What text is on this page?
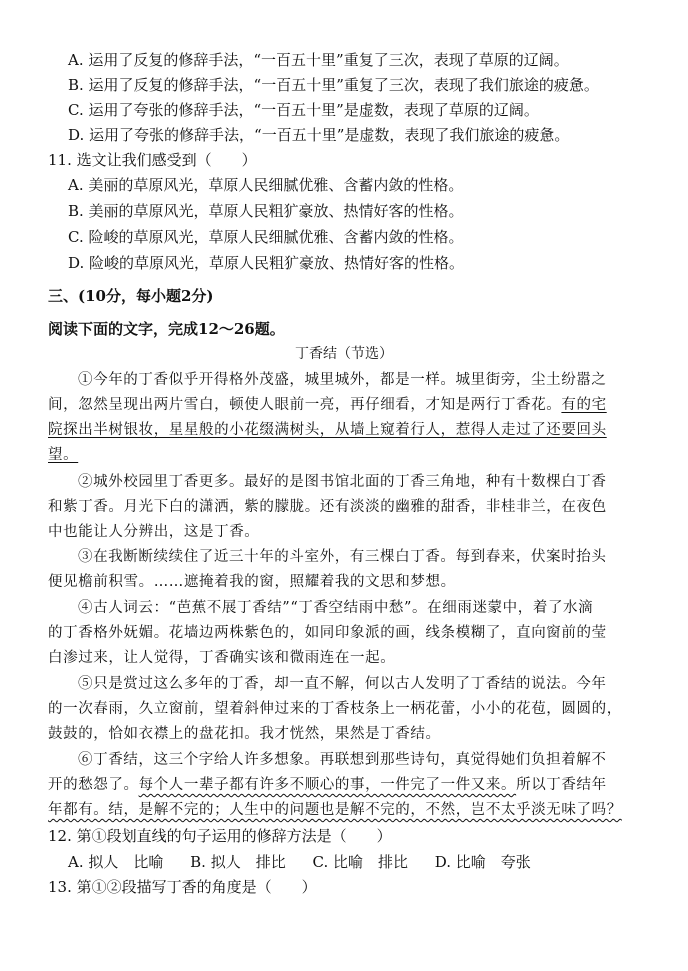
A. 运用了反复的修辞手法，“一百五十里”重复了三次，表现了草原的辽阔。
B. 运用了反复的修辞手法，“一百五十里”重复了三次，表现了我们旅途的疲惫。
C. 运用了夸张的修辞手法，“一百五十里”是虚数，表现了草原的辽阔。
D. 运用了夸张的修辞手法，“一百五十里”是虚数，表现了我们旅途的疲惫。
11. 选文让我们感受到（　　）
A. 美丽的草原风光，草原人民细腻优雅、含蓄内敛的性格。
B. 美丽的草原风光，草原人民粗犷豪放、热情好客的性格。
C. 险峻的草原风光，草原人民细腻优雅、含蓄内敛的性格。
D. 险峻的草原风光，草原人民粗犷豪放、热情好客的性格。
三、(10分，每小题2分)
阅读下面的文字，完成12～26题。
丁香结（节选）
①今年的丁香似乎开得格外茂盛，城里城外，都是一样。城里街旁，尘土纷嚣之
间，忽然呈现出两片雪白，顿使人眼前一亮，再仔细看，才知是两行丁香花。有的宅
院探出半树银妆，星星般的小花缀满树头，从墙上窥着行人，惹得人走过了还要回头
望。
②城外校园里丁香更多。最好的是图书馆北面的丁香三角地，种有十数棵白丁香
和紫丁香。月光下白的潇洒，紫的朦胧。还有淡淡的幽雅的甜香，非桂非兰，在夜色
中也能让人分辨出，这是丁香。
③在我断断续续住了近三十年的斗室外，有三棵白丁香。每到春来，伏案时抬头
便见檐前积雪。……遮掩着我的窗，照耀着我的文思和梦想。
④古人词云：“芭蕉不展丁香结”“丁香空结雨中愁”。在细雨迷蒙中，着了水滴
的丁香格外妩媚。花墙边两株紫色的，如同印象派的画，线条模糊了，直向窗前的莹
白渗过来，让人觉得，丁香确实该和微雨连在一起。
⑤只是赏过这么多年的丁香，却一直不解，何以古人发明了丁香结的说法。今年
的一次春雨，久立窗前，望着斜伸过来的丁香枝条上一柄花蕾，小小的花苞，圆圆的，
鼓鼓的，恰如衣襟上的盘花扣。我才恍然，果然是丁香结。
⑥丁香结，这三个字给人许多想象。再联想到那些诗句，真觉得她们负担着解不
开的愁怨了。每个人一辈子都有许多不顺心的事，一件完了一件又来。所以丁香结年
年都有。结，是解不完的；人生中的问题也是解不完的，不然，岂不太乎淡无味了吗？
12. 第①段划直线的句子运用的修辞方法是（　　）
A. 拟人　比喻 B. 拟人　排比 C. 比喻　排比 D. 比喻　夸张
13. 第①②段描写丁香的角度是（　　）
